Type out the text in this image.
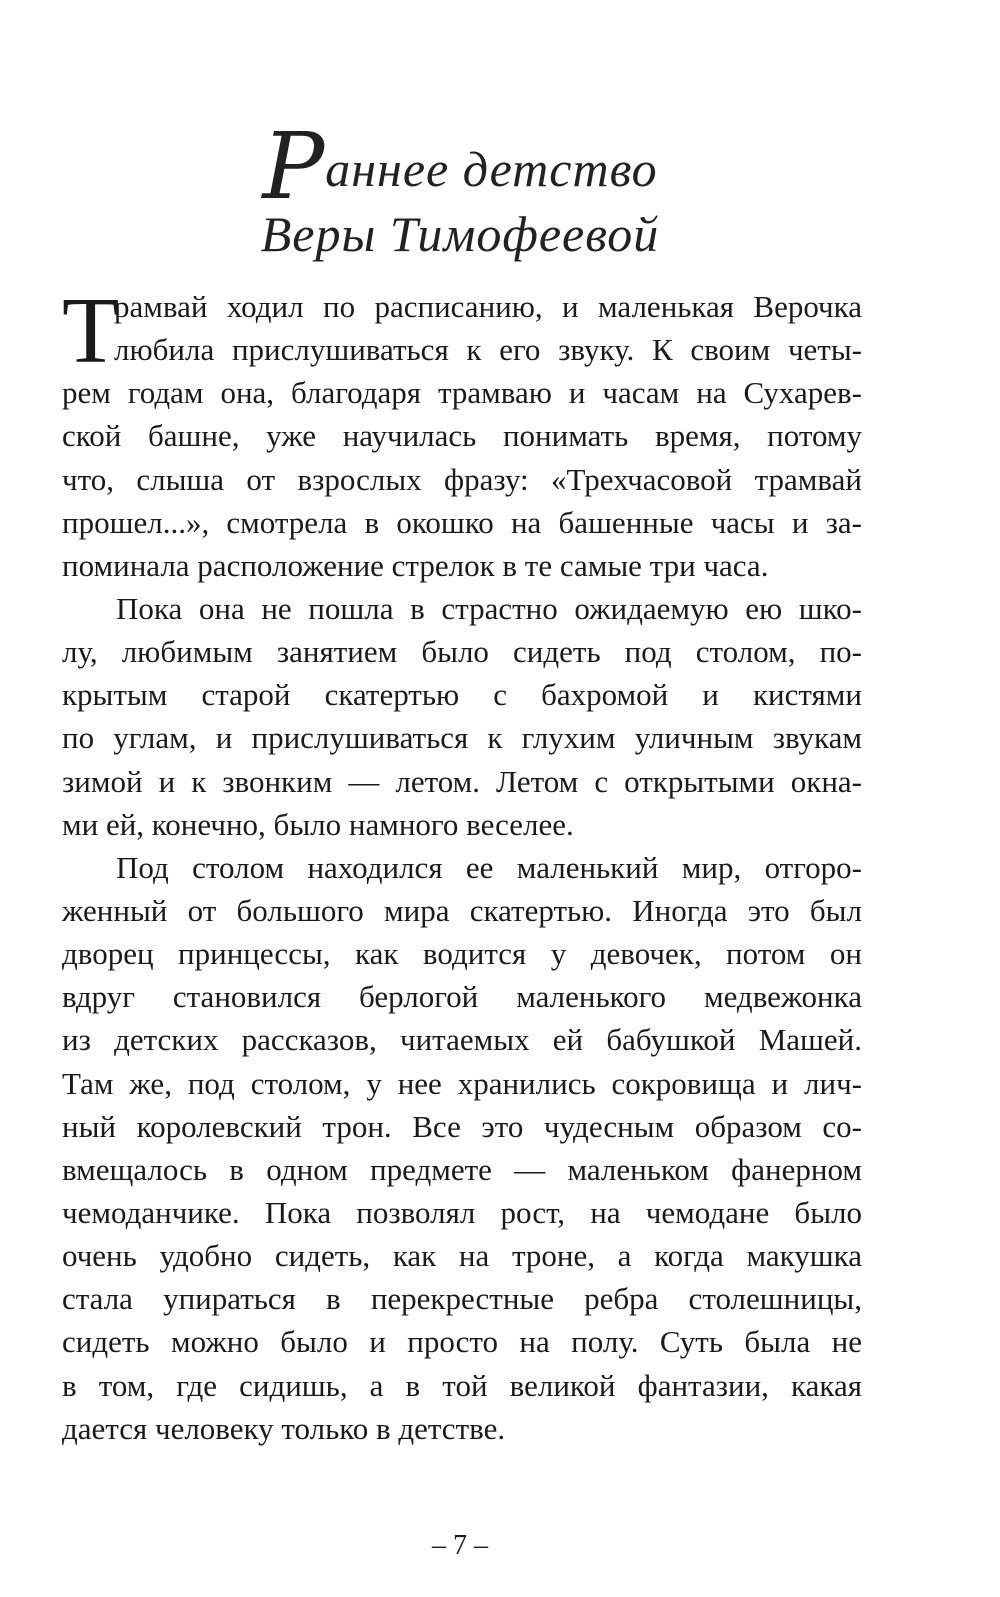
Раннее детство
Веры Тимофеевой
Т
рамвай ходил по расписанию, и маленькая Верочка
любила прислушиваться к его звуку. К своим четы-
рем годам она, благодаря трамваю и часам на Сухарев-
ской башне, уже научилась понимать время, потому
что, слыша от взрослых фразу: «Трехчасовой трамвай
прошел...», смотрела в окошко на башенные часы и за-
поминала расположение стрелок в те самые три часа.
Пока она не пошла в страстно ожидаемую ею шко-
лу, любимым занятием было сидеть под столом, по-
крытым старой скатертью с бахромой и кистями
по углам, и прислушиваться к глухим уличным звукам
зимой и к звонким — летом. Летом с открытыми окна-
ми ей, конечно, было намного веселее.
Под столом находился ее маленький мир, отгоро-
женный от большого мира скатертью. Иногда это был
дворец принцессы, как водится у девочек, потом он
вдруг становился берлогой маленького медвежонка
из детских рассказов, читаемых ей бабушкой Машей.
Там же, под столом, у нее хранились сокровища и лич-
ный королевский трон. Все это чудесным образом со-
вмещалось в одном предмете — маленьком фанерном
чемоданчике. Пока позволял рост, на чемодане было
очень удобно сидеть, как на троне, а когда макушка
стала упираться в перекрестные ребра столешницы,
сидеть можно было и просто на полу. Суть была не
в том, где сидишь, а в той великой фантазии, какая
дается человеку только в детстве.
– 7 –
